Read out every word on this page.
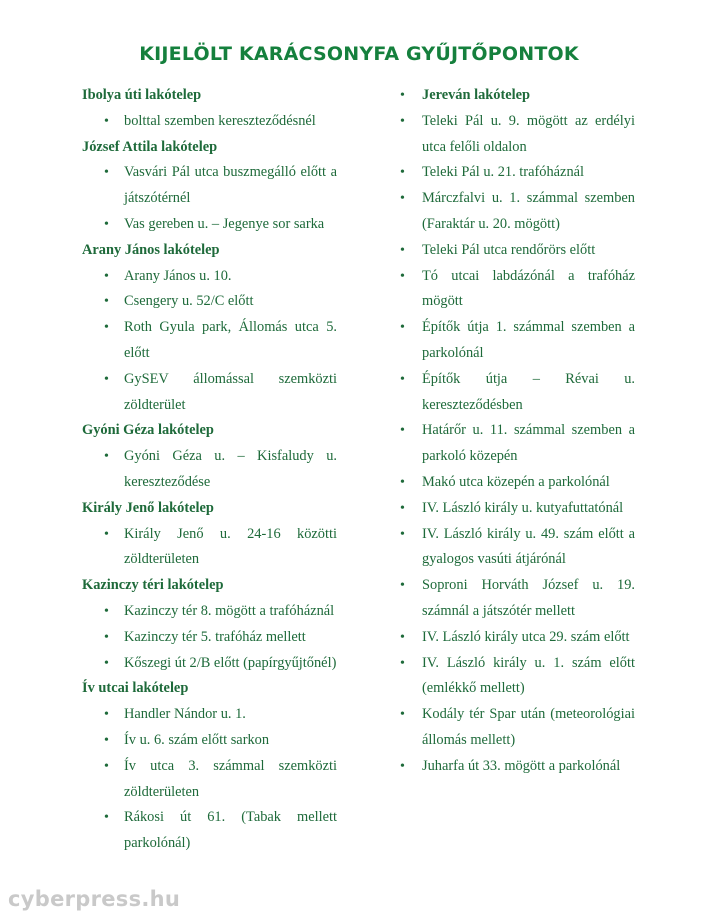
KIJELÖLT KARÁCSONYFA GYŰJTŐPONTOK

Ibolya úti lakótelep

• bolttal szemben kereszteződésnél

József Attila lakótelep

• Vasvári Pál utca buszmegálló előtt a játszótérnél
• Vas gereben u. – Jegenye sor sarka

Arany János lakótelep

• Arany János u. 10.
• Csengery u. 52/C előtt
• Roth Gyula park, Állomás utca 5. előtt
• GySEV állomással szemközti zöldterület

Gyóni Géza lakótelep

• Gyóni Géza u. – Kisfaludy u. kereszteződése

Király Jenő lakótelep

• Király Jenő u. 24-16 közötti zöldterületen

Kazinczy téri lakótelep

• Kazinczy tér 8. mögött a trafóháznál
• Kazinczy tér 5. trafóház mellett
• Kőszegi út 2/B előtt (papírgyűjtőnél)

Ív utcai lakótelep

• Handler Nándor u. 1.
• Ív u. 6. szám előtt sarkon
• Ív utca 3. számmal szemközti zöldterületen
• Rákosi út 61. (Tabak mellett parkolónál)
• Jereván lakótelep
• Teleki Pál u. 9. mögött az erdélyi utca felőli oldalon
• Teleki Pál u. 21. trafóháznál
• Márczfalvi u. 1. számmal szemben (Faraktár u. 20. mögött)
• Teleki Pál utca rendőrörs előtt
• Tó utcai labdázónál a trafóház mögött
• Építők útja 1. számmal szemben a parkolónál
• Építők útja – Révai u. kereszteződésben
• Határőr u. 11. számmal szemben a parkoló közepén
• Makó utca közepén a parkolónál
• IV. László király u. kutyafuttatónál
• IV. László király u. 49. szám előtt a gyalogos vasúti átjárónál
• Soproni Horváth József u. 19. számnál a játszótér mellett
• IV. László király utca 29. szám előtt
• IV. László király u. 1. szám előtt (emlékkő mellett)
• Kodály tér Spar után (meteorológiai állomás mellett)
• Juharfa út 33. mögött a parkolónál
cyberpress.hu
